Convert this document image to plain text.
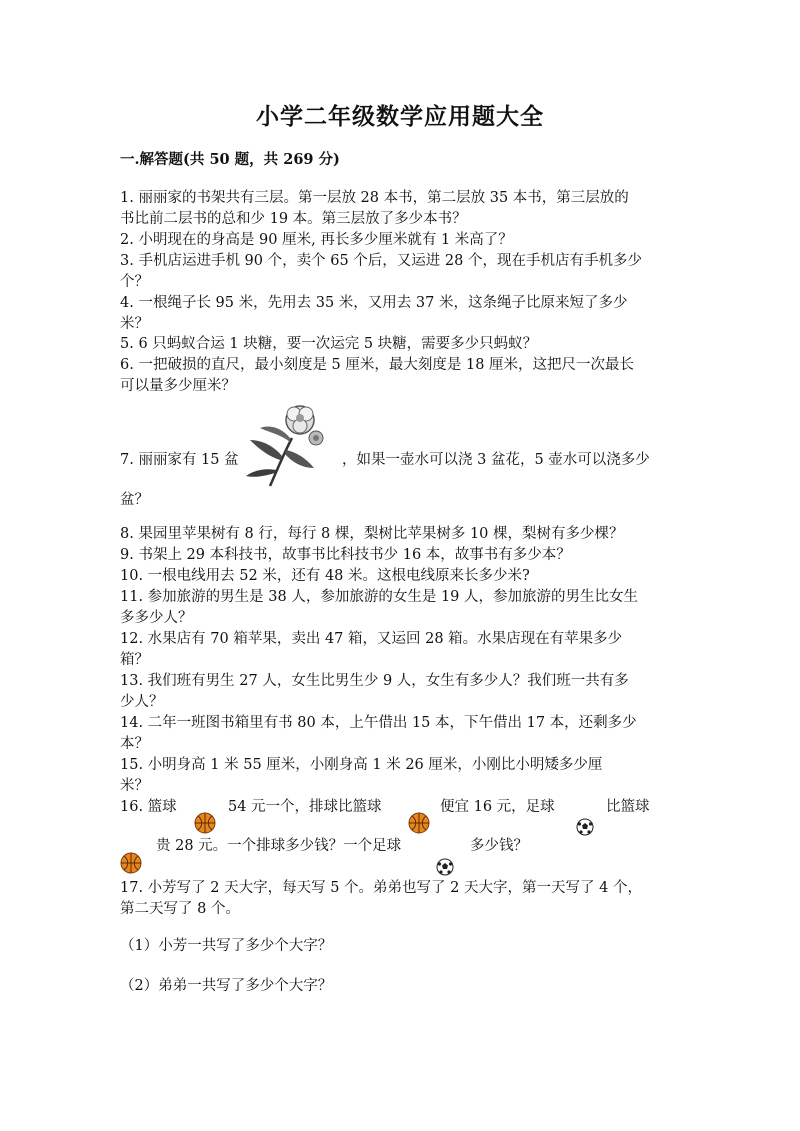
小学二年级数学应用题大全
一.解答题(共 50 题，共 269 分)
1. 丽丽家的书架共有三层。第一层放 28 本书，第二层放 35 本书，第三层放的
书比前二层书的总和少 19 本。第三层放了多少本书？
2. 小明现在的身高是 90 厘米, 再长多少厘米就有 1 米高了？
3. 手机店运进手机 90 个，卖个 65 个后，又运进 28 个，现在手机店有手机多少
个？
4. 一根绳子长 95 米，先用去 35 米，又用去 37 米，这条绳子比原来短了多少
米？
5. 6 只蚂蚁合运 1 块糖，要一次运完 5 块糖，需要多少只蚂蚁？
6. 一把破损的直尺，最小刻度是 5 厘米，最大刻度是 18 厘米，这把尺一次最长
可以量多少厘米？
7. 丽丽家有 15 盆	，如果一壶水可以浇 3 盆花，5 壶水可以浇多少
盆？
8. 果园里苹果树有 8 行，每行 8 棵，梨树比苹果树多 10 棵，梨树有多少棵？
9. 书架上 29 本科技书，故事书比科技书少 16 本，故事书有多少本？
10. 一根电线用去 52 米，还有 48 米。这根电线原来长多少米?
11. 参加旅游的男生是 38 人，参加旅游的女生是 19 人，参加旅游的男生比女生
多多少人？
12. 水果店有 70 箱苹果，卖出 47 箱，又运回 28 箱。水果店现在有苹果多少
箱？
13. 我们班有男生 27 人，女生比男生少 9 人，女生有多少人？我们班一共有多
少人？
14. 二年一班图书箱里有书 80 本，上午借出 15 本，下午借出 17 本，还剩多少
本？
15. 小明身高 1 米 55 厘米，小刚身高 1 米 26 厘米，小刚比小明矮多少厘
米？
16. 篮球	54 元一个，排球比篮球	便宜 16 元，足球	比篮球
贵 28 元。一个排球多少钱？一个足球	多少钱？
17. 小芳写了 2 天大字，每天写 5 个。弟弟也写了 2 天大字，第一天写了 4 个，
第二天写了 8 个。
（1）小芳一共写了多少个大字？
（2）弟弟一共写了多少个大字？
